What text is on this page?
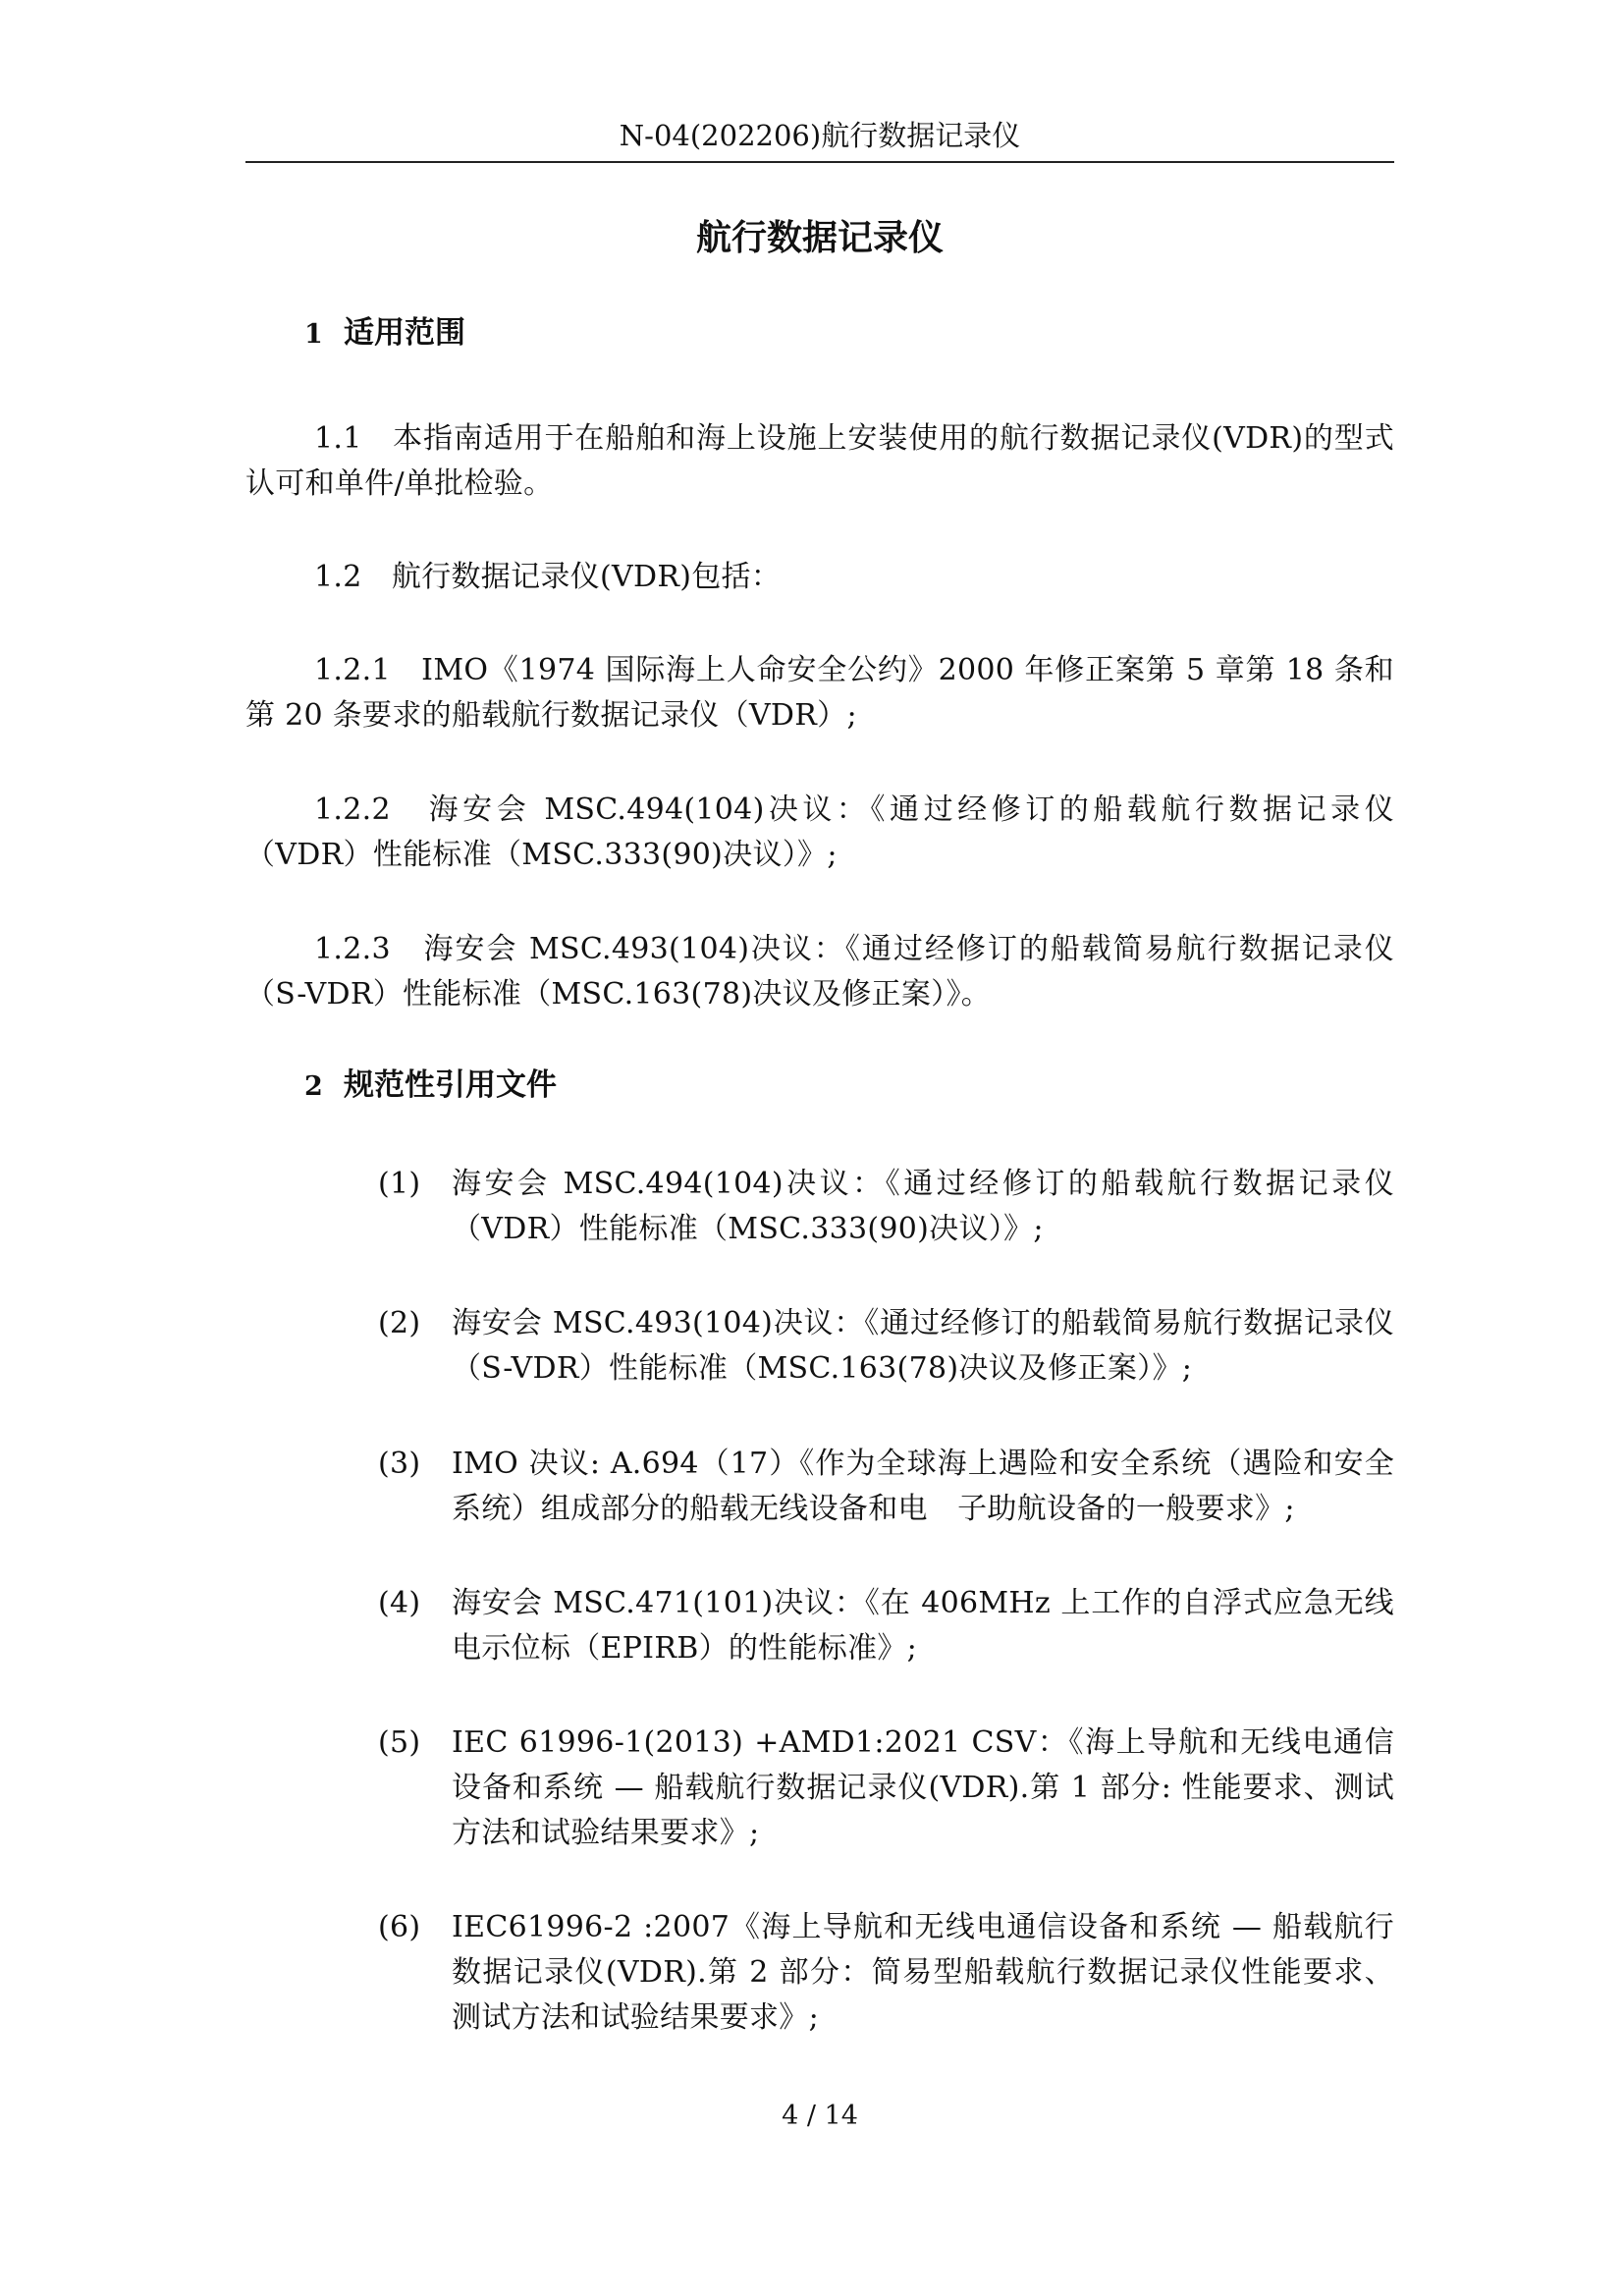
N-04(202206)航行数据记录仪
航行数据记录仪
1 适用范围
1.1　本指南适用于在船舶和海上设施上安装使用的航行数据记录仪(VDR)的型式认可和单件/单批检验。
1.2　航行数据记录仪(VDR)包括：
1.2.1　IMO《1974 国际海上人命安全公约》2000 年修正案第 5 章第 18 条和第 20 条要求的船载航行数据记录仪（VDR）;
1.2.2　海安会 MSC.494(104)决议：《通过经修订的船载航行数据记录仪（VDR）性能标准（MSC.333(90)决议）》;
1.2.3　海安会 MSC.493(104)决议：《通过经修订的船载简易航行数据记录仪（S-VDR）性能标准（MSC.163(78)决议及修正案）》。
2 规范性引用文件
(1)	海安会 MSC.494(104)决议：《通过经修订的船载航行数据记录仪（VDR）性能标准（MSC.333(90)决议）》;
(2)	海安会 MSC.493(104)决议：《通过经修订的船载简易航行数据记录仪（S-VDR）性能标准（MSC.163(78)决议及修正案）》;
(3)	IMO 决议: A.694（17）《作为全球海上遇险和安全系统（遇险和安全系统）组成部分的船载无线设备和电　子助航设备的一般要求》;
(4)	海安会 MSC.471(101)决议：《在 406MHz 上工作的自浮式应急无线电示位标（EPIRB）的性能标准》;
(5)	IEC 61996-1(2013) +AMD1:2021 CSV：《海上导航和无线电通信设备和系统 — 船载航行数据记录仪(VDR).第 1 部分: 性能要求、测试方法和试验结果要求》;
(6)	IEC61996-2 :2007《海上导航和无线电通信设备和系统 — 船载航行数据记录仪(VDR).第 2 部分：简易型船载航行数据记录仪性能要求、测试方法和试验结果要求》;
4 / 14
